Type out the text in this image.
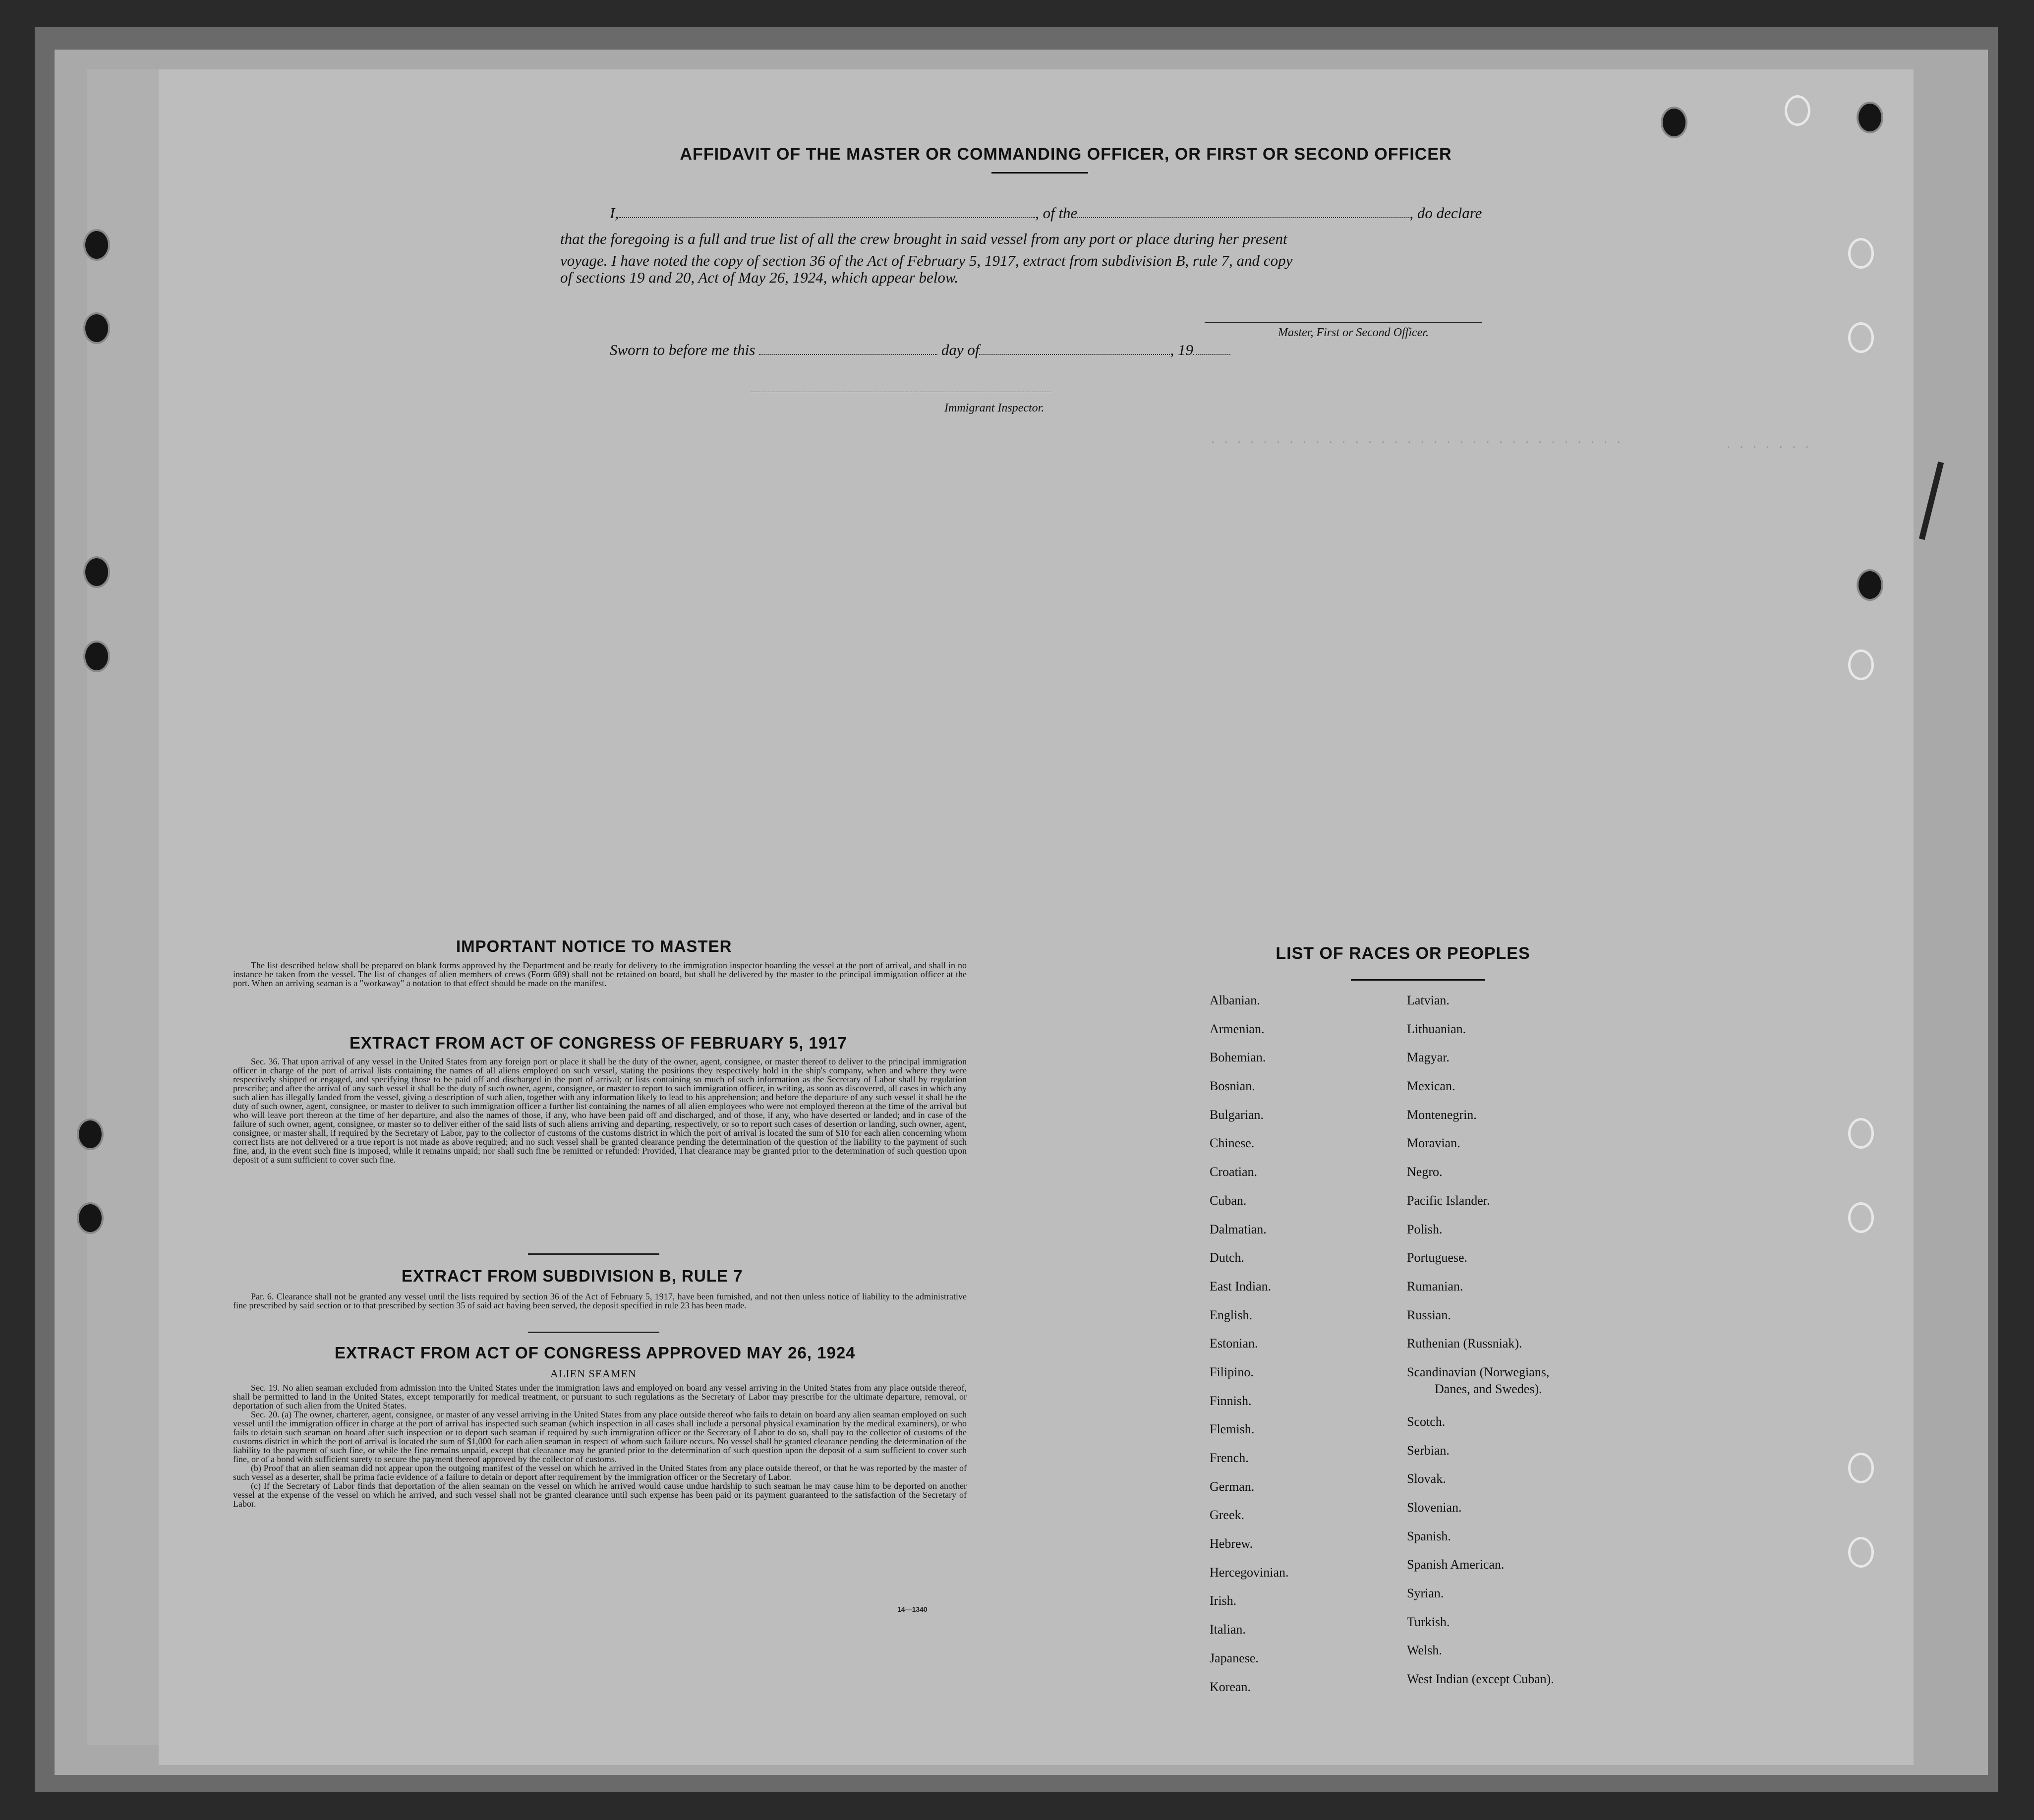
· · · · · · · · · · · · · · · · · · · · · · · · · · · · · · · ·	· · · · · · ·
AFFIDAVIT OF THE MASTER OR COMMANDING OFFICER, OR FIRST OR SECOND OFFICER
I,	, of the	, do declare
that the foregoing is a full and true list of all the crew brought in said vessel from any port or place during her present
voyage. I have noted the copy of section 36 of the Act of February 5, 1917, extract from subdivision B, rule 7, and copy
of sections 19 and 20, Act of May 26, 1924, which appear below.
Master, First or Second Officer.
Sworn to before me this	day of	, 19
Immigrant Inspector.
IMPORTANT NOTICE TO MASTER

The list described below shall be prepared on blank forms approved by the Department and be ready for delivery to the immigration inspector boarding the vessel at the port of arrival, and shall in no instance be taken from the vessel. The list of changes of alien members of crews (Form 689) shall not be retained on board, but shall be delivered by the master to the principal immigration officer at the port. When an arriving seaman is a "workaway" a notation to that effect should be made on the manifest.

EXTRACT FROM ACT OF CONGRESS OF FEBRUARY 5, 1917

Sec. 36. That upon arrival of any vessel in the United States from any foreign port or place it shall be the duty of the owner, agent, consignee, or master thereof to deliver to the principal immigration officer in charge of the port of arrival lists containing the names of all aliens employed on such vessel, stating the positions they respectively hold in the ship's company, when and where they were respectively shipped or engaged, and specifying those to be paid off and discharged in the port of arrival; or lists containing so much of such information as the Secretary of Labor shall by regulation prescribe; and after the arrival of any such vessel it shall be the duty of such owner, agent, consignee, or master to report to such immigration officer, in writing, as soon as discovered, all cases in which any such alien has illegally landed from the vessel, giving a description of such alien, together with any information likely to lead to his apprehension; and before the departure of any such vessel it shall be the duty of such owner, agent, consignee, or master to deliver to such immigration officer a further list containing the names of all alien employees who were not employed thereon at the time of the arrival but who will leave port thereon at the time of her departure, and also the names of those, if any, who have been paid off and discharged, and of those, if any, who have deserted or landed; and in case of the failure of such owner, agent, consignee, or master so to deliver either of the said lists of such aliens arriving and departing, respectively, or so to report such cases of desertion or landing, such owner, agent, consignee, or master shall, if required by the Secretary of Labor, pay to the collector of customs of the customs district in which the port of arrival is located the sum of $10 for each alien concerning whom correct lists are not delivered or a true report is not made as above required; and no such vessel shall be granted clearance pending the determination of the question of the liability to the payment of such fine, and, in the event such fine is imposed, while it remains unpaid; nor shall such fine be remitted or refunded: Provided, That clearance may be granted prior to the determination of such question upon deposit of a sum sufficient to cover such fine.

EXTRACT FROM SUBDIVISION B, RULE 7

Par. 6. Clearance shall not be granted any vessel until the lists required by section 36 of the Act of February 5, 1917, have been furnished, and not then unless notice of liability to the administrative fine prescribed by said section or to that prescribed by section 35 of said act having been served, the deposit specified in rule 23 has been made.

EXTRACT FROM ACT OF CONGRESS APPROVED MAY 26, 1924
ALIEN SEAMEN

Sec. 19. No alien seaman excluded from admission into the United States under the immigration laws and employed on board any vessel arriving in the United States from any place outside thereof, shall be permitted to land in the United States, except temporarily for medical treatment, or pursuant to such regulations as the Secretary of Labor may prescribe for the ultimate departure, removal, or deportation of such alien from the United States.

Sec. 20. (a) The owner, charterer, agent, consignee, or master of any vessel arriving in the United States from any place outside thereof who fails to detain on board any alien seaman employed on such vessel until the immigration officer in charge at the port of arrival has inspected such seaman (which inspection in all cases shall include a personal physical examination by the medical examiners), or who fails to detain such seaman on board after such inspection or to deport such seaman if required by such immigration officer or the Secretary of Labor to do so, shall pay to the collector of customs of the customs district in which the port of arrival is located the sum of $1,000 for each alien seaman in respect of whom such failure occurs. No vessel shall be granted clearance pending the determination of the liability to the payment of such fine, or while the fine remains unpaid, except that clearance may be granted prior to the determination of such question upon the deposit of a sum sufficient to cover such fine, or of a bond with sufficient surety to secure the payment thereof approved by the collector of customs.

(b) Proof that an alien seaman did not appear upon the outgoing manifest of the vessel on which he arrived in the United States from any place outside thereof, or that he was reported by the master of such vessel as a deserter, shall be prima facie evidence of a failure to detain or deport after requirement by the immigration officer or the Secretary of Labor.

(c) If the Secretary of Labor finds that deportation of the alien seaman on the vessel on which he arrived would cause undue hardship to such seaman he may cause him to be deported on another vessel at the expense of the vessel on which he arrived, and such vessel shall not be granted clearance until such expense has been paid or its payment guaranteed to the satisfaction of the Secretary of Labor.

14—1340
LIST OF RACES OR PEOPLES
Albanian.
Armenian.
Bohemian.
Bosnian.
Bulgarian.
Chinese.
Croatian.
Cuban.
Dalmatian.
Dutch.
East Indian.
English.
Estonian.
Filipino.
Finnish.
Flemish.
French.
German.
Greek.
Hebrew.
Hercegovinian.
Irish.
Italian.
Japanese.
Korean.
Latvian.
Lithuanian.
Magyar.
Mexican.
Montenegrin.
Moravian.
Negro.
Pacific Islander.
Polish.
Portuguese.
Rumanian.
Russian.
Ruthenian (Russniak).
Scandinavian (Norwegians,
Danes, and Swedes).
Scotch.
Serbian.
Slovak.
Slovenian.
Spanish.
Spanish American.
Syrian.
Turkish.
Welsh.
West Indian (except Cuban).
